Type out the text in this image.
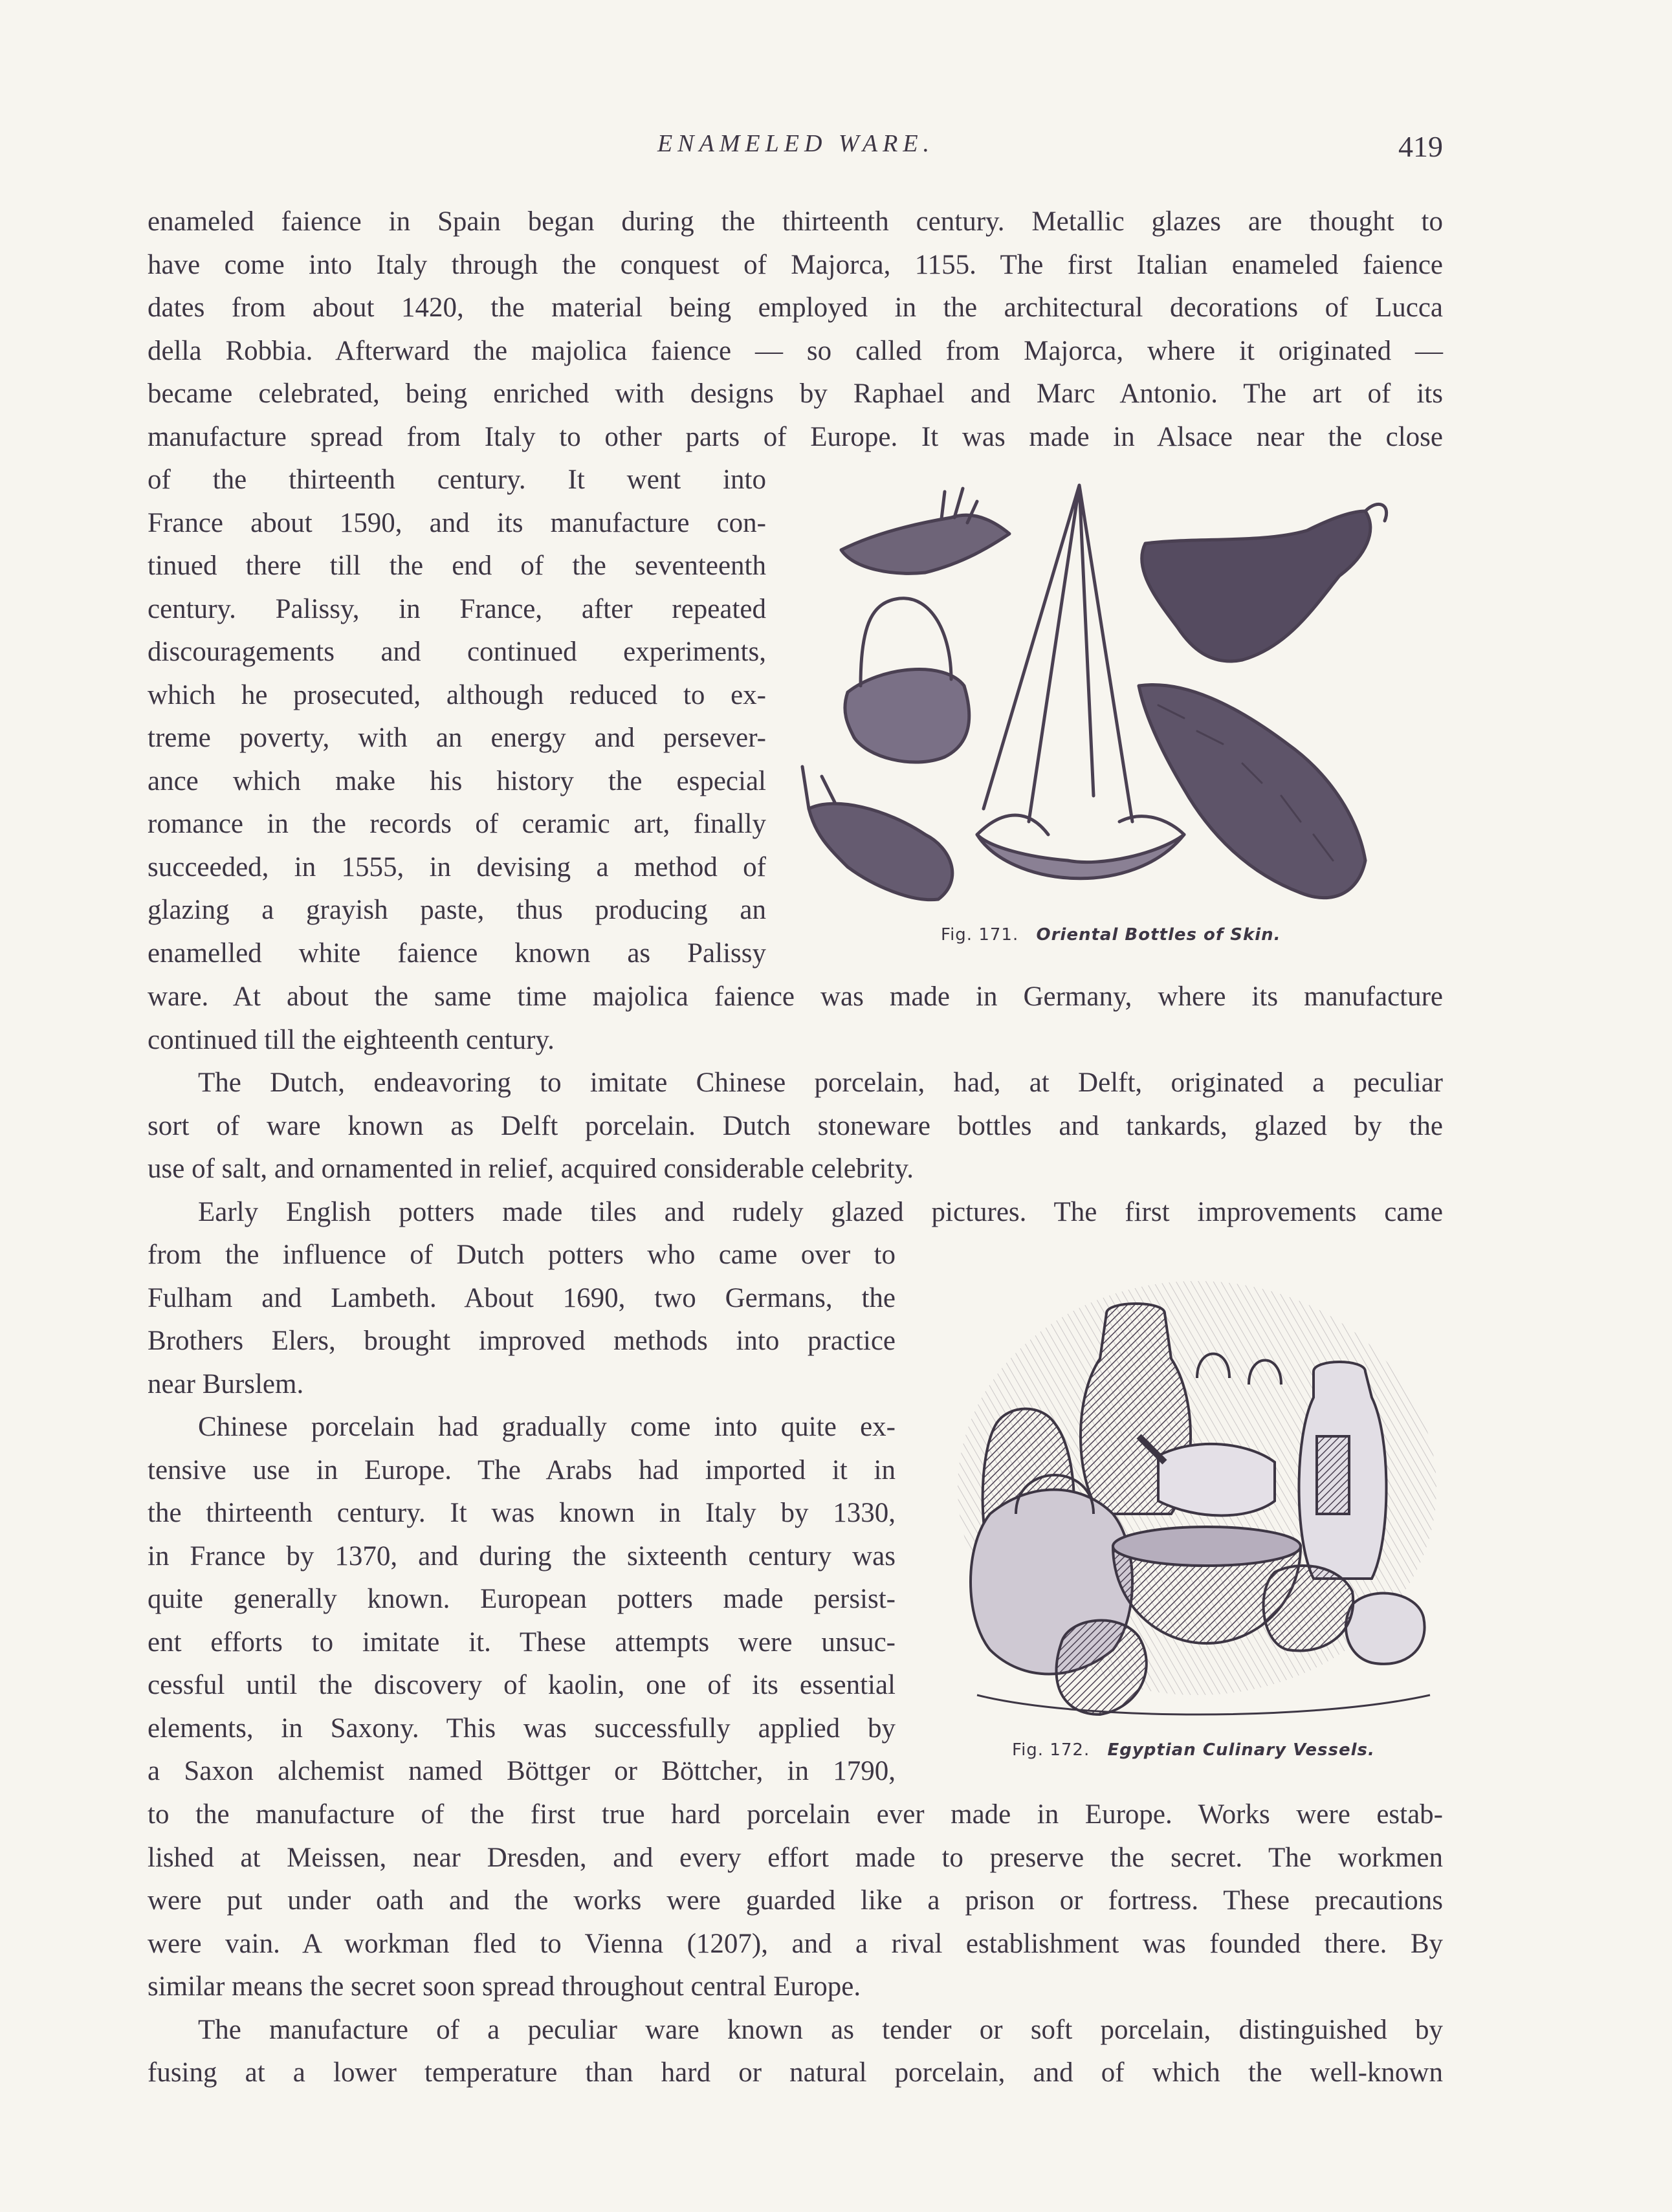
ENAMELED WARE.	419
enameled faience in Spain began during the thirteenth century. Metallic glazes are thought to
have come into Italy through the conquest of Majorca, 1155. The first Italian enameled faience
dates from about 1420, the material being employed in the architectural decorations of Lucca
della Robbia. Afterward the majolica faience — so called from Majorca, where it originated —
became celebrated, being enriched with designs by Raphael and Marc Antonio. The art of its
manufacture spread from Italy to other parts of Europe. It was made in Alsace near the close
of the thirteenth century. It went into
France about 1590, and its manufacture con-
tinued there till the end of the seventeenth
century. Palissy, in France, after repeated
discouragements and continued experiments,
which he prosecuted, although reduced to ex-
treme poverty, with an energy and persever-
ance which make his history the especial
romance in the records of ceramic art, finally
succeeded, in 1555, in devising a method of
glazing a grayish paste, thus producing an
enamelled white faience known as Palissy
Fig. 171. Oriental Bottles of Skin.
ware. At about the same time majolica faience was made in Germany, where its manufacture
continued till the eighteenth century.
The Dutch, endeavoring to imitate Chinese porcelain, had, at Delft, originated a peculiar
sort of ware known as Delft porcelain. Dutch stoneware bottles and tankards, glazed by the
use of salt, and ornamented in relief, acquired considerable celebrity.
Early English potters made tiles and rudely glazed pictures. The first improvements came
from the influence of Dutch potters who came over to
Fulham and Lambeth. About 1690, two Germans, the
Brothers Elers, brought improved methods into practice
near Burslem.
Chinese porcelain had gradually come into quite ex-
tensive use in Europe. The Arabs had imported it in
the thirteenth century. It was known in Italy by 1330,
in France by 1370, and during the sixteenth century was
quite generally known. European potters made persist-
ent efforts to imitate it. These attempts were unsuc-
cessful until the discovery of kaolin, one of its essential
elements, in Saxony. This was successfully applied by
a Saxon alchemist named Böttger or Böttcher, in 1790,
Fig. 172. Egyptian Culinary Vessels.
to the manufacture of the first true hard porcelain ever made in Europe. Works were estab-
lished at Meissen, near Dresden, and every effort made to preserve the secret. The workmen
were put under oath and the works were guarded like a prison or fortress. These precautions
were vain. A workman fled to Vienna (1207), and a rival establishment was founded there. By
similar means the secret soon spread throughout central Europe.
The manufacture of a peculiar ware known as tender or soft porcelain, distinguished by
fusing at a lower temperature than hard or natural porcelain, and of which the well-known
